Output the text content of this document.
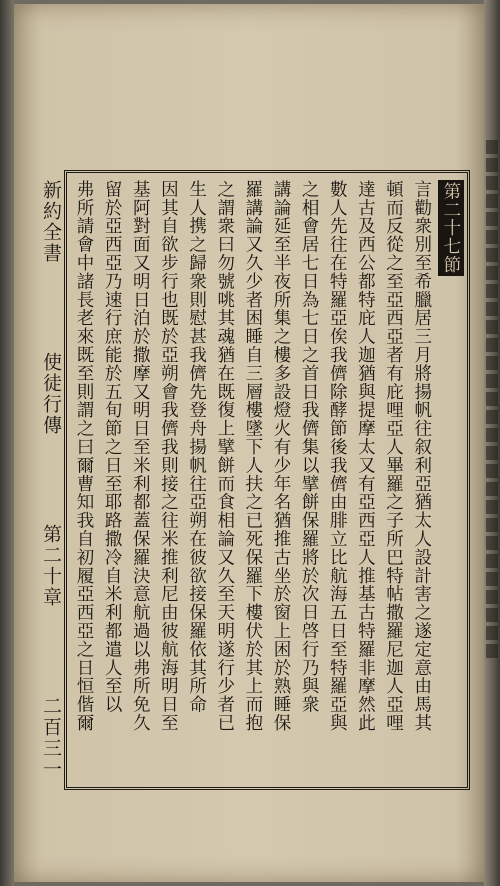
新約全書
使徒行傳
第二十章
二百三一
第二十七節
言勸衆別至希臘居三月將揚帆往叙利亞猶太人設計害之遂定意由馬其
頓而反從之至亞西亞者有庇哩亞人畢羅之子所巴特帖撒羅尼迦人亞哩
達古及西公都特庇人迦猶與提摩太又有亞西亞人推基古特羅非摩然此
數人先往在特羅亞俟我儕除酵節後我儕由腓立比航海五日至特羅亞與
之相會居七日為七日之首日我儕集以擘餅保羅將於次日啓行乃與衆
講論延至半夜所集之樓多設燈火有少年名猶推古坐於窗上困於熟睡保
羅講論又久少者困睡自三層樓墜下人扶之已死保羅下樓伏於其上而抱
之謂衆曰勿號咷其魂猶在既復上擘餅而食相論又久至天明遂行少者已
生人携之歸衆則慰甚我儕先登舟揚帆往亞朔在彼欲接保羅依其所命
因其自欲步行也既於亞朔會我儕我則接之往米推利尼由彼航海明日至
基阿對面又明日泊於撒摩又明日至米利都蓋保羅決意航過以弗所免久
留於亞西亞乃速行庶能於五旬節之日至耶路撒冷自米利都遣人至以
弗所請會中諸長老來既至則謂之曰爾曹知我自初履亞西亞之日恒偕爾
